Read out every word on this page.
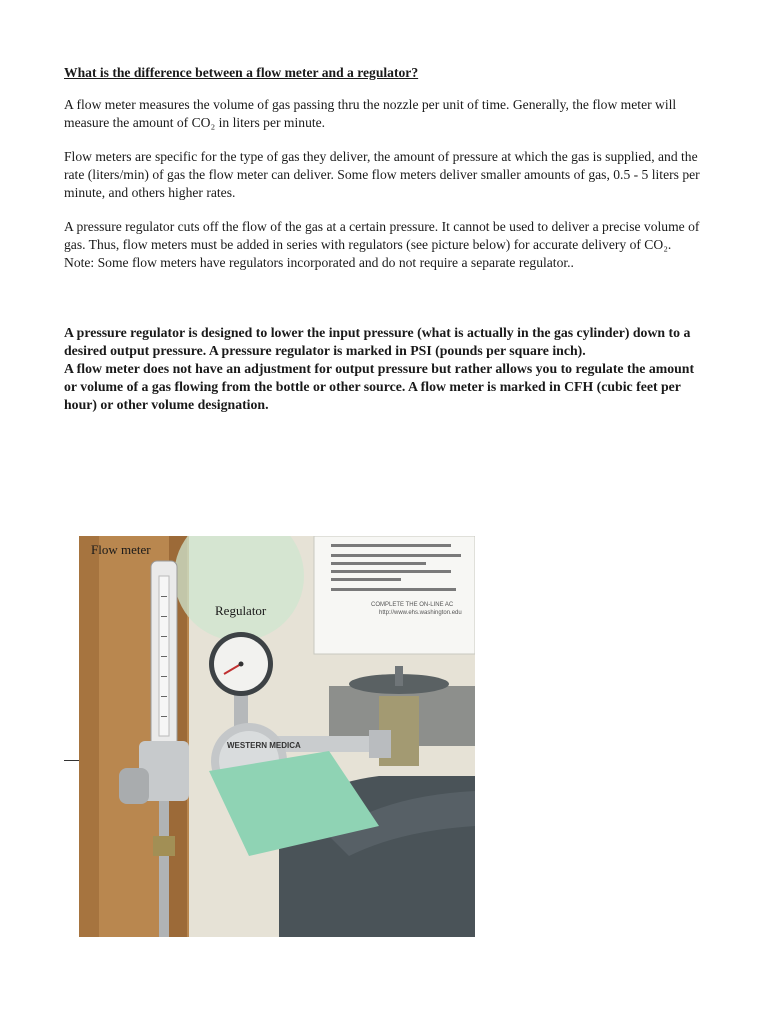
What is the difference between a flow meter and a regulator?

A flow meter measures the volume of gas passing thru the nozzle per unit of time. Generally, the flow meter will measure the amount of CO₂ in liters per minute.

Flow meters are specific for the type of gas they deliver, the amount of pressure at which the gas is supplied, and the rate (liters/min) of gas the flow meter can deliver. Some flow meters deliver smaller amounts of gas, 0.5 - 5 liters per minute, and others higher rates.

A pressure regulator cuts off the flow of the gas at a certain pressure. It cannot be used to deliver a precise volume of gas. Thus, flow meters must be added in series with regulators (see picture below) for accurate delivery of CO₂. Note: Some flow meters have regulators incorporated and do not require a separate regulator..

A pressure regulator is designed to lower the input pressure (what is actually in the gas cylinder) down to a desired output pressure. A pressure regulator is marked in PSI (pounds per square inch).

A flow meter does not have an adjustment for output pressure but rather allows you to regulate the amount or volume of a gas flowing from the bottle or other source. A flow meter is marked in CFH (cubic feet per hour) or other volume designation.

COMPLETE THE ON-LINE AC
http://www.ehs.washington.edu
WESTERN MEDICA
Flow meter
Regulator
